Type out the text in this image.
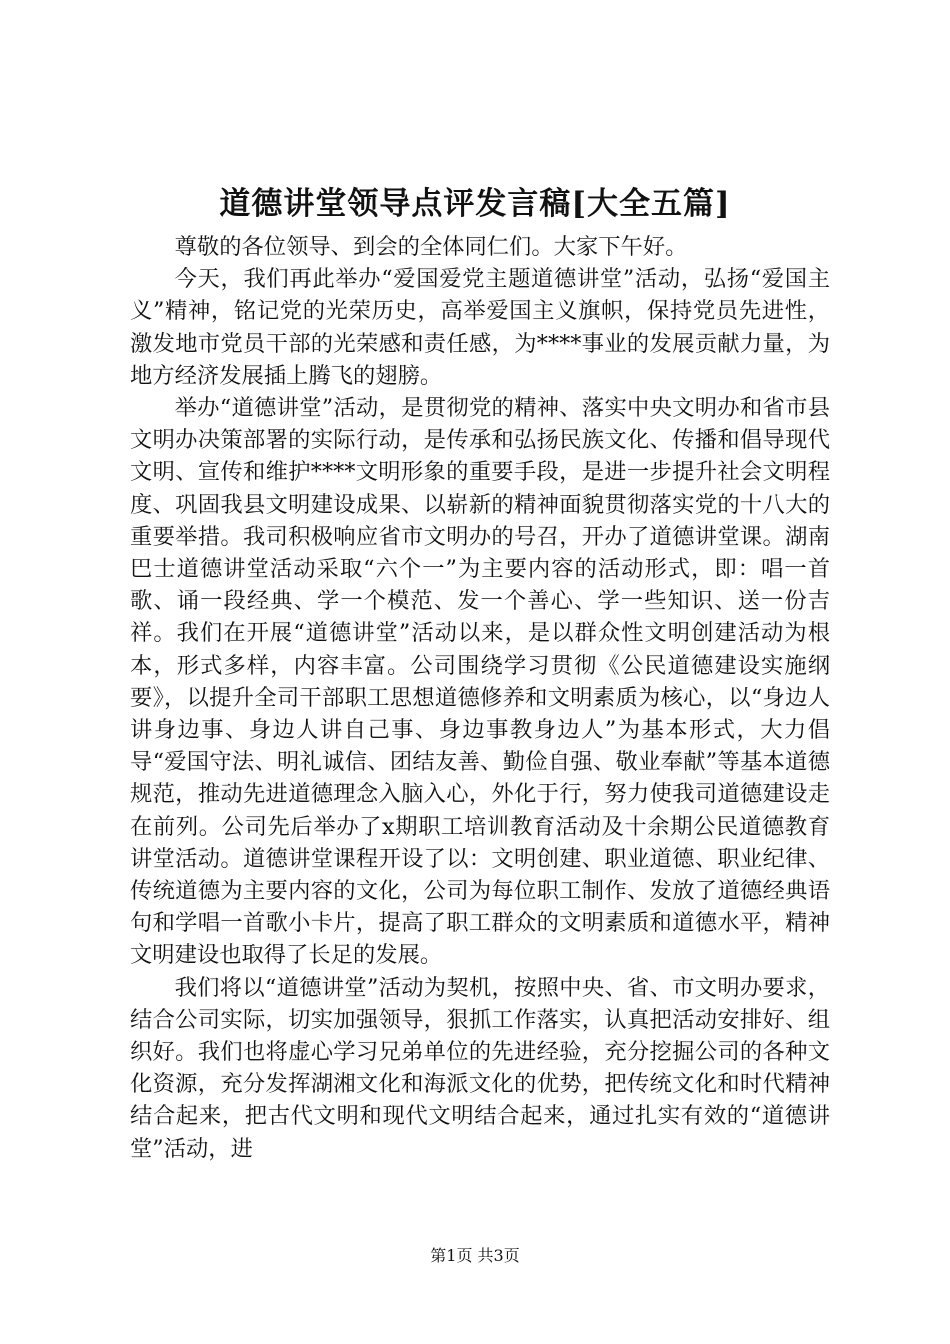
道德讲堂领导点评发言稿[大全五篇]

尊敬的各位领导、到会的全体同仁们。大家下午好。

今天，我们再此举办“爱国爱党主题道德讲堂”活动，弘扬“爱国主义”精神，铭记党的光荣历史，高举爱国主义旗帜，保持党员先进性，激发地市党员干部的光荣感和责任感，为****事业的发展贡献力量，为地方经济发展插上腾飞的翅膀。

举办“道德讲堂”活动，是贯彻党的精神、落实中央文明办和省市县文明办决策部署的实际行动，是传承和弘扬民族文化、传播和倡导现代文明、宣传和维护****文明形象的重要手段，是进一步提升社会文明程度、巩固我县文明建设成果、以崭新的精神面貌贯彻落实党的十八大的重要举措。我司积极响应省市文明办的号召，开办了道德讲堂课。湖南巴士道德讲堂活动采取“六个一”为主要内容的活动形式，即：唱一首歌、诵一段经典、学一个模范、发一个善心、学一些知识、送一份吉祥。我们在开展“道德讲堂”活动以来，是以群众性文明创建活动为根本，形式多样，内容丰富。公司围绕学习贯彻《公民道德建设实施纲要》，以提升全司干部职工思想道德修养和文明素质为核心，以“身边人讲身边事、身边人讲自己事、身边事教身边人”为基本形式，大力倡导“爱国守法、明礼诚信、团结友善、勤俭自强、敬业奉献”等基本道德规范，推动先进道德理念入脑入心，外化于行，努力使我司道德建设走在前列。公司先后举办了x期职工培训教育活动及十余期公民道德教育讲堂活动。道德讲堂课程开设了以：文明创建、职业道德、职业纪律、传统道德为主要内容的文化，公司为每位职工制作、发放了道德经典语句和学唱一首歌小卡片，提高了职工群众的文明素质和道德水平，精神文明建设也取得了长足的发展。

我们将以“道德讲堂”活动为契机，按照中央、省、市文明办要求，结合公司实际，切实加强领导，狠抓工作落实，认真把活动安排好、组织好。我们也将虚心学习兄弟单位的先进经验，充分挖掘公司的各种文化资源，充分发挥湖湘文化和海派文化的优势，把传统文化和时代精神结合起来，把古代文明和现代文明结合起来，通过扎实有效的“道德讲堂”活动，进

第1页 共3页
